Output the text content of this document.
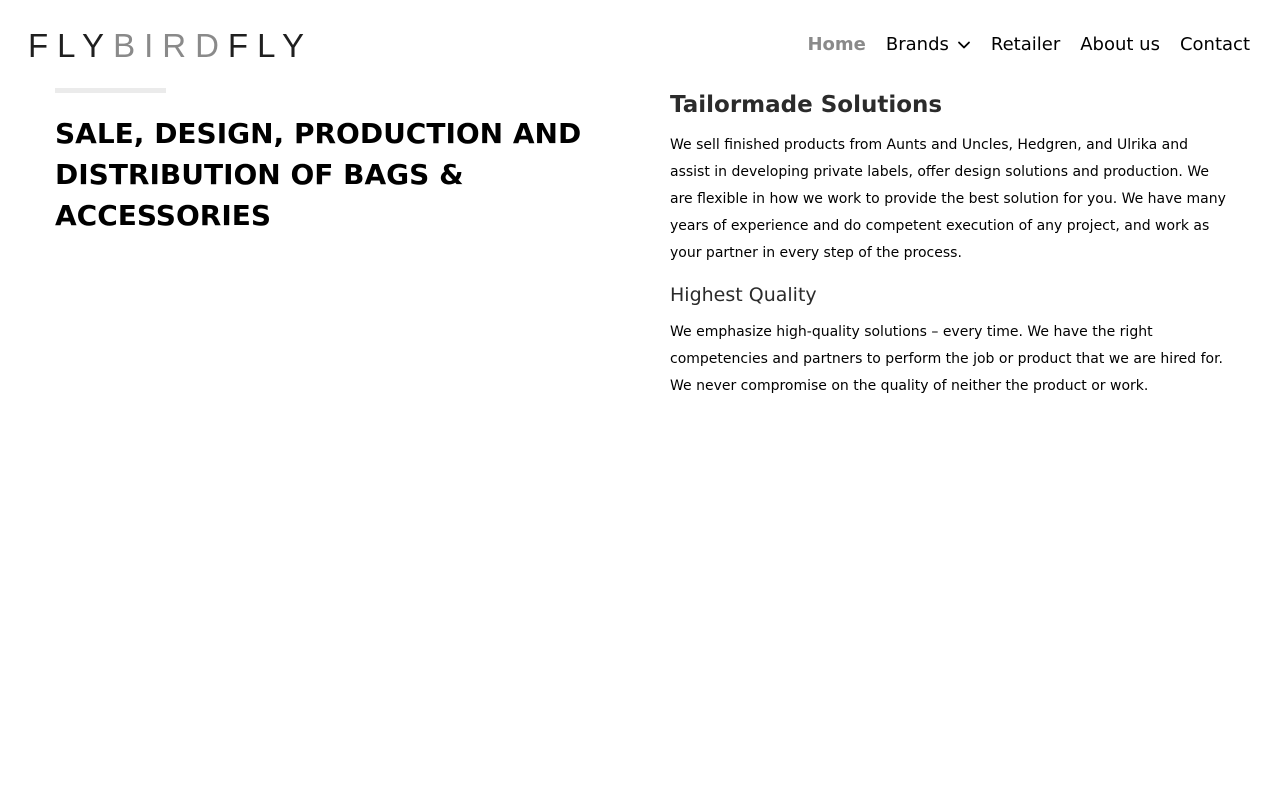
FLY BIRD FLY	Home Brands Retailer About us Contact
SALE, DESIGN, PRODUCTION AND DISTRIBUTION OF BAGS & ACCESSORIES
Tailormade Solutions

We sell finished products from Aunts and Uncles, Hedgren, and Ulrika and assist in developing private labels, offer design solutions and production. We are flexible in how we work to provide the best solution for you. We have many years of experience and do competent execution of any project, and work as your partner in every step of the process.

Highest Quality

We emphasize high-quality solutions – every time. We have the right competencies and partners to perform the job or product that we are hired for. We never compromise on the quality of neither the product or work.
